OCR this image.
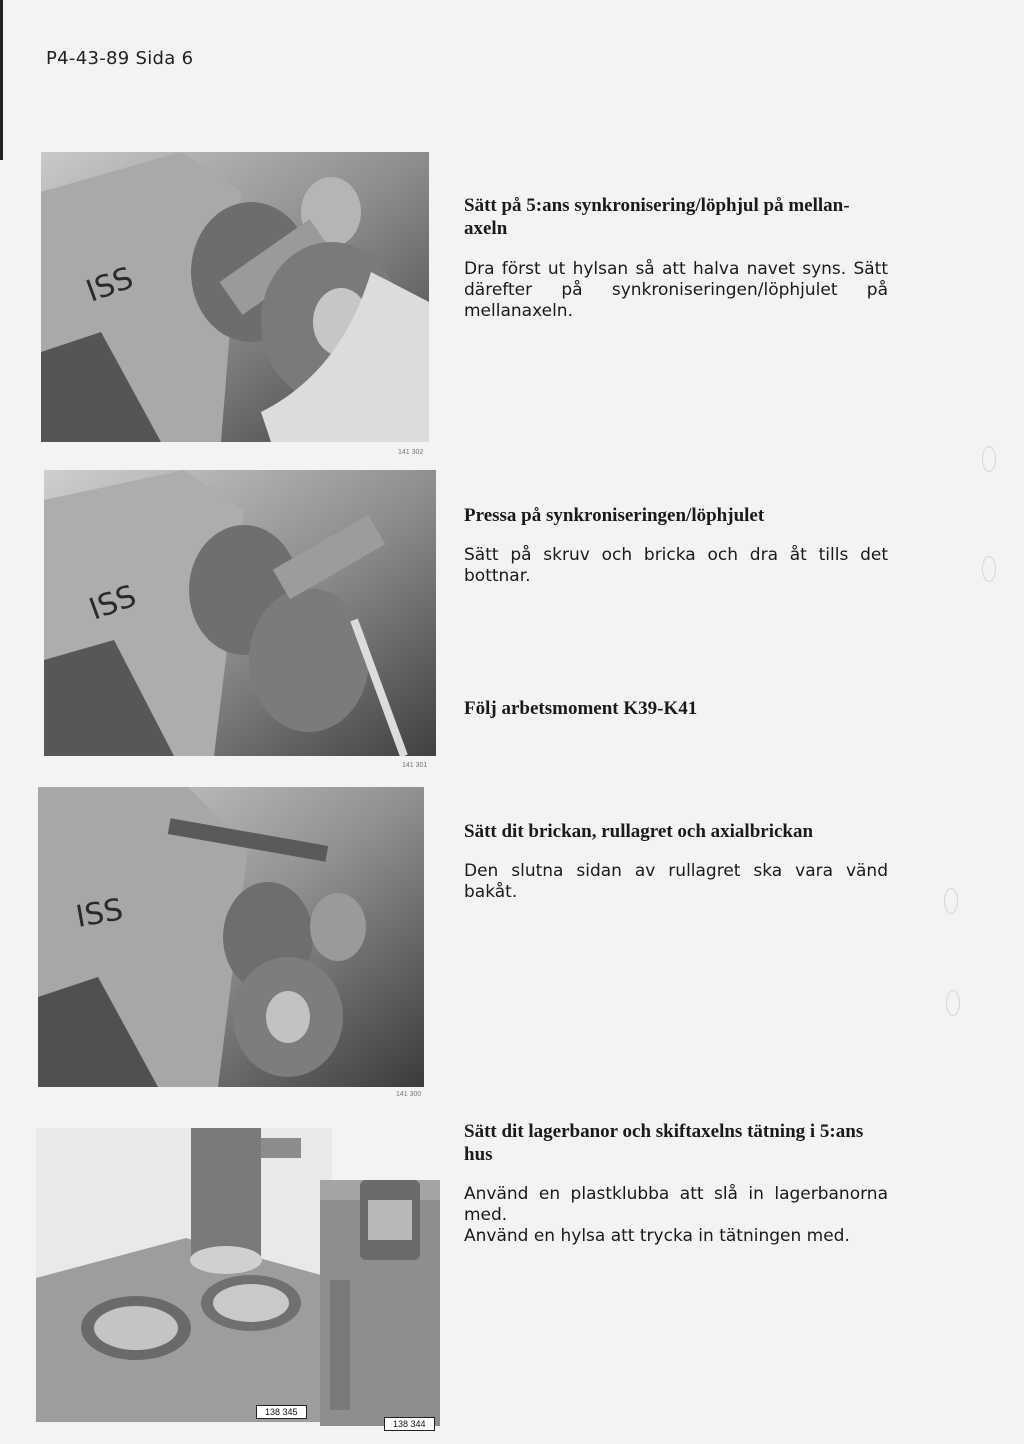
P4-43-89 Sida 6
ISS
141 302

Sätt på 5:ans synkronisering/löphjul på mellan-axeln

Dra först ut hylsan så att halva navet syns. Sätt därefter på synkroniseringen/löphjulet på mellanaxeln.

ISS
141 301

Pressa på synkroniseringen/löphjulet

Sätt på skruv och bricka och dra åt tills det bottnar.

Följ arbetsmoment K39-K41

ISS
141 300

Sätt dit brickan, rullagret och axialbrickan

Den slutna sidan av rullagret ska vara vänd bakåt.

138 345
138 344

Sätt dit lagerbanor och skiftaxelns tätning i 5:ans hus

Använd en plastklubba att slå in lagerbanorna med.

Använd en hylsa att trycka in tätningen med.
